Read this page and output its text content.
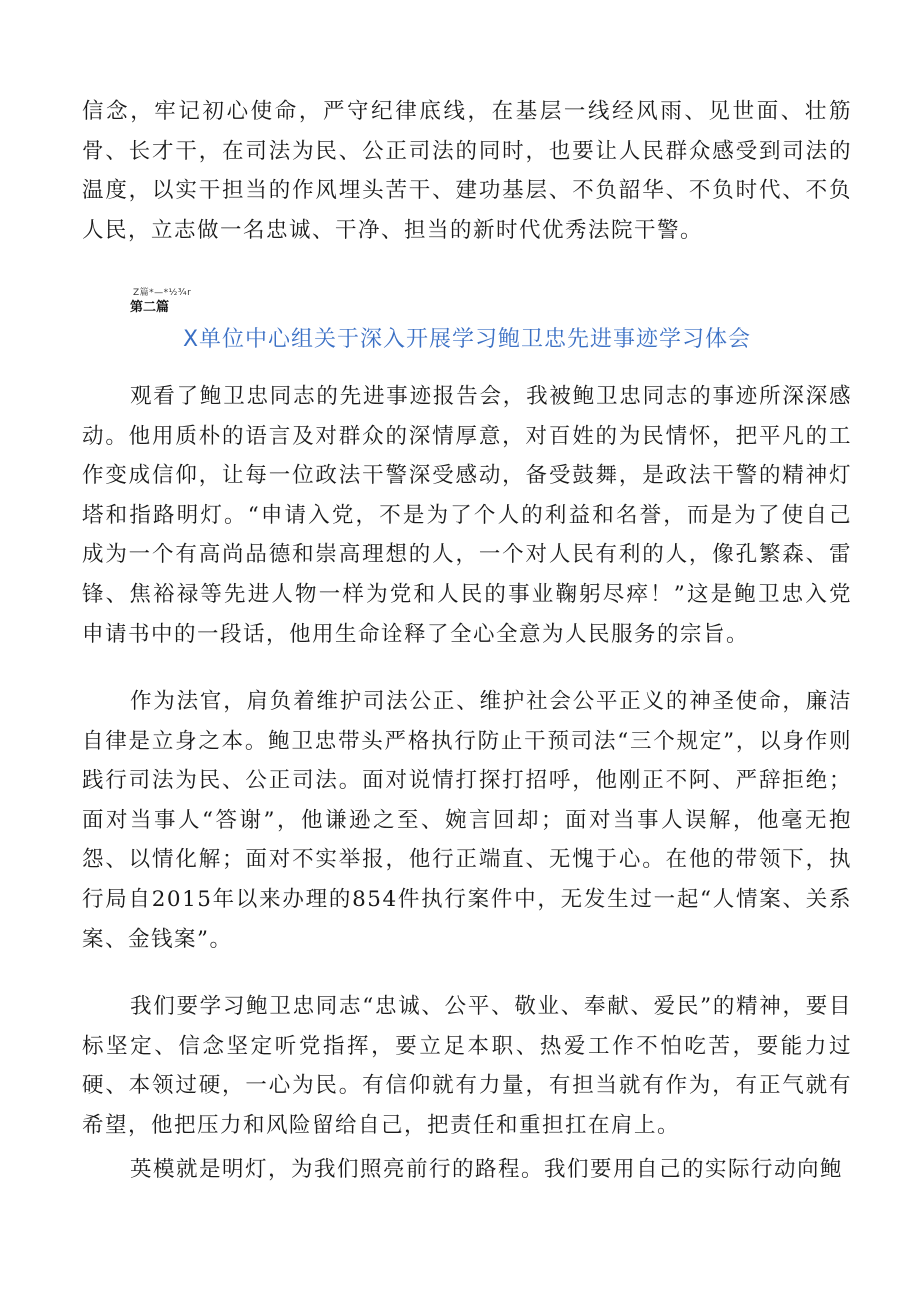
信念，牢记初心使命，严守纪律底线，在基层一线经风雨、见世面、壮筋骨、长才干，在司法为民、公正司法的同时，也要让人民群众感受到司法的温度，以实干担当的作风埋头苦干、建功基层、不负韶华、不负时代、不负人民，立志做一名忠诚、干净、担当的新时代优秀法院干警。

Z篇*—*½¾r
第二篇
X单位中心组关于深入开展学习鲍卫忠先进事迹学习体会

观看了鲍卫忠同志的先进事迹报告会，我被鲍卫忠同志的事迹所深深感动。他用质朴的语言及对群众的深情厚意，对百姓的为民情怀，把平凡的工作变成信仰，让每一位政法干警深受感动，备受鼓舞，是政法干警的精神灯塔和指路明灯。“申请入党，不是为了个人的利益和名誉，而是为了使自己成为一个有高尚品德和崇高理想的人，一个对人民有利的人，像孔繁森、雷锋、焦裕禄等先进人物一样为党和人民的事业鞠躬尽瘁！”这是鲍卫忠入党申请书中的一段话，他用生命诠释了全心全意为人民服务的宗旨。

作为法官，肩负着维护司法公正、维护社会公平正义的神圣使命，廉洁自律是立身之本。鲍卫忠带头严格执行防止干预司法“三个规定”，以身作则践行司法为民、公正司法。面对说情打探打招呼，他刚正不阿、严辞拒绝；面对当事人“答谢”，他谦逊之至、婉言回却；面对当事人误解，他毫无抱怨、以情化解；面对不实举报，他行正端直、无愧于心。在他的带领下，执行局自2015年以来办理的854件执行案件中，无发生过一起“人情案、关系案、金钱案”。

我们要学习鲍卫忠同志“忠诚、公平、敬业、奉献、爱民”的精神，要目标坚定、信念坚定听党指挥，要立足本职、热爱工作不怕吃苦，要能力过硬、本领过硬，一心为民。有信仰就有力量，有担当就有作为，有正气就有希望，他把压力和风险留给自己，把责任和重担扛在肩上。

英模就是明灯，为我们照亮前行的路程。我们要用自己的实际行动向鲍
